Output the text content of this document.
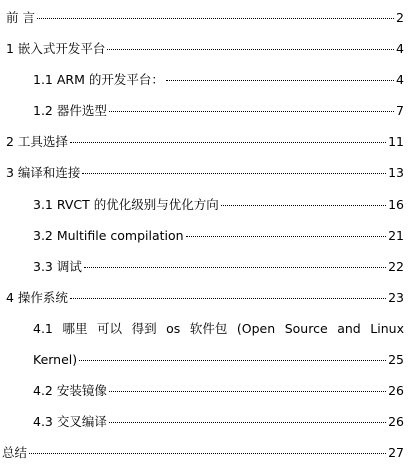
前 言	2
1 嵌入式开发平台	4
1.1 ARM 的开发平台：	4
1.2 器件选型	7
2 工具选择	11
3 编译和连接	13
3.1 RVCT 的优化级别与优化方向	16
3.2 Multifile compilation	21
3.3 调试	22
4 操作系统	23
4.1 哪里 可以 得到 os 软件包 (Open Source and Linux
Kernel)	25
4.2 安装镜像	26
4.3 交叉编译	26
总结	27
